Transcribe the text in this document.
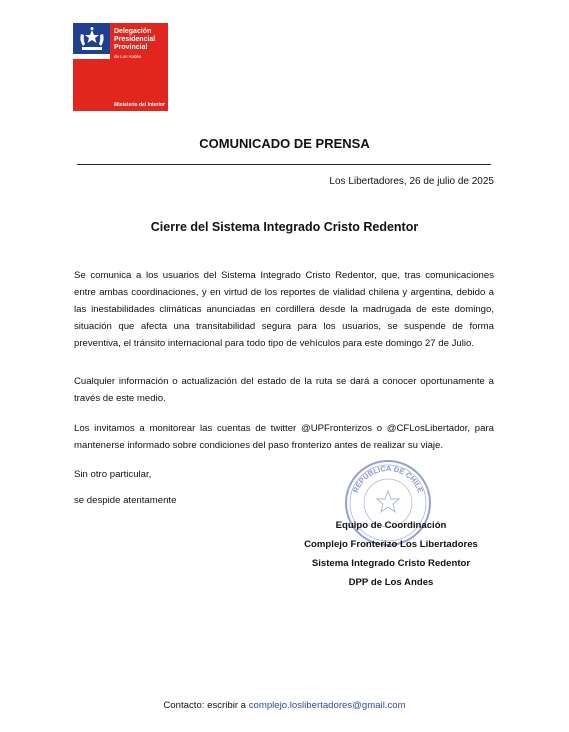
Delegación
Presidencial
Provincial
de Los Andes
Ministerio del Interior
COMUNICADO DE PRENSA
Los Libertadores, 26 de julio de 2025
Cierre del Sistema Integrado Cristo Redentor

Se comunica a los usuarios del Sistema Integrado Cristo Redentor, que, tras comunicaciones entre ambas coordinaciones, y en virtud de los reportes de vialidad chilena y argentina, debido a las inestabilidades climáticas anunciadas en cordillera desde la madrugada de este domingo, situación que afecta una transitabilidad segura para los usuarios, se suspende de forma preventiva, el tránsito internacional para todo tipo de vehículos para este domingo 27 de Julio.

Cualquier información o actualización del estado de la ruta se dará a conocer oportunamente a través de este medio.

Los invitamos a monitorear las cuentas de twitter @UPFronterizos o @CFLosLibertador, para mantenerse informado sobre condiciones del paso fronterizo antes de realizar su viaje.

Sin otro particular,

se despide atentamente

REPUBLICA DE CHILE
Equipo de Coordinación
Complejo Fronterizo Los Libertadores
Sistema Integrado Cristo Redentor
DPP de Los Andes
Contacto: escribir a complejo.loslibertadores@gmail.com
